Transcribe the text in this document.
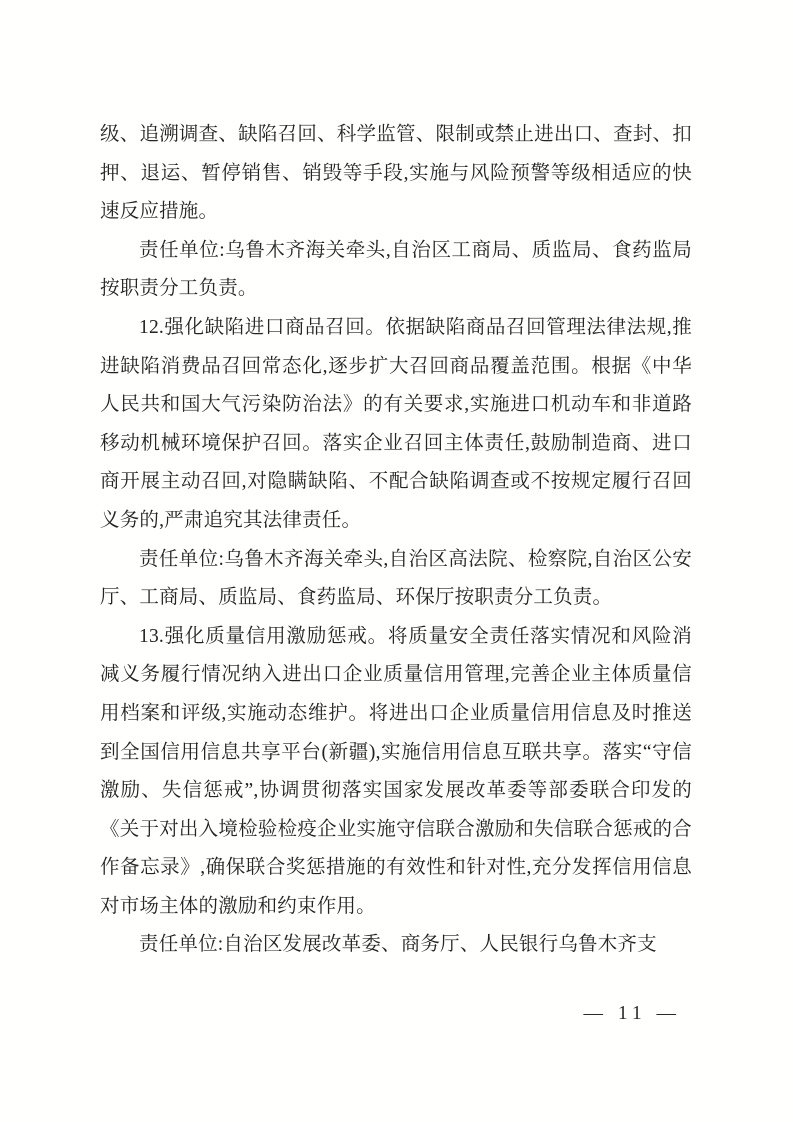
级、追溯调查、缺陷召回、科学监管、限制或禁止进出口、查封、扣押、退运、暂停销售、销毁等手段,实施与风险预警等级相适应的快速反应措施。

责任单位:乌鲁木齐海关牵头,自治区工商局、质监局、食药监局按职责分工负责。

12.强化缺陷进口商品召回。依据缺陷商品召回管理法律法规,推进缺陷消费品召回常态化,逐步扩大召回商品覆盖范围。根据《中华人民共和国大气污染防治法》的有关要求,实施进口机动车和非道路移动机械环境保护召回。落实企业召回主体责任,鼓励制造商、进口商开展主动召回,对隐瞒缺陷、不配合缺陷调查或不按规定履行召回义务的,严肃追究其法律责任。

责任单位:乌鲁木齐海关牵头,自治区高法院、检察院,自治区公安厅、工商局、质监局、食药监局、环保厅按职责分工负责。

13.强化质量信用激励惩戒。将质量安全责任落实情况和风险消减义务履行情况纳入进出口企业质量信用管理,完善企业主体质量信用档案和评级,实施动态维护。将进出口企业质量信用信息及时推送到全国信用信息共享平台(新疆),实施信用信息互联共享。落实“守信激励、失信惩戒”,协调贯彻落实国家发展改革委等部委联合印发的《关于对出入境检验检疫企业实施守信联合激励和失信联合惩戒的合作备忘录》,确保联合奖惩措施的有效性和针对性,充分发挥信用信息对市场主体的激励和约束作用。

责任单位:自治区发展改革委、商务厅、人民银行乌鲁木齐支

— 11 —
